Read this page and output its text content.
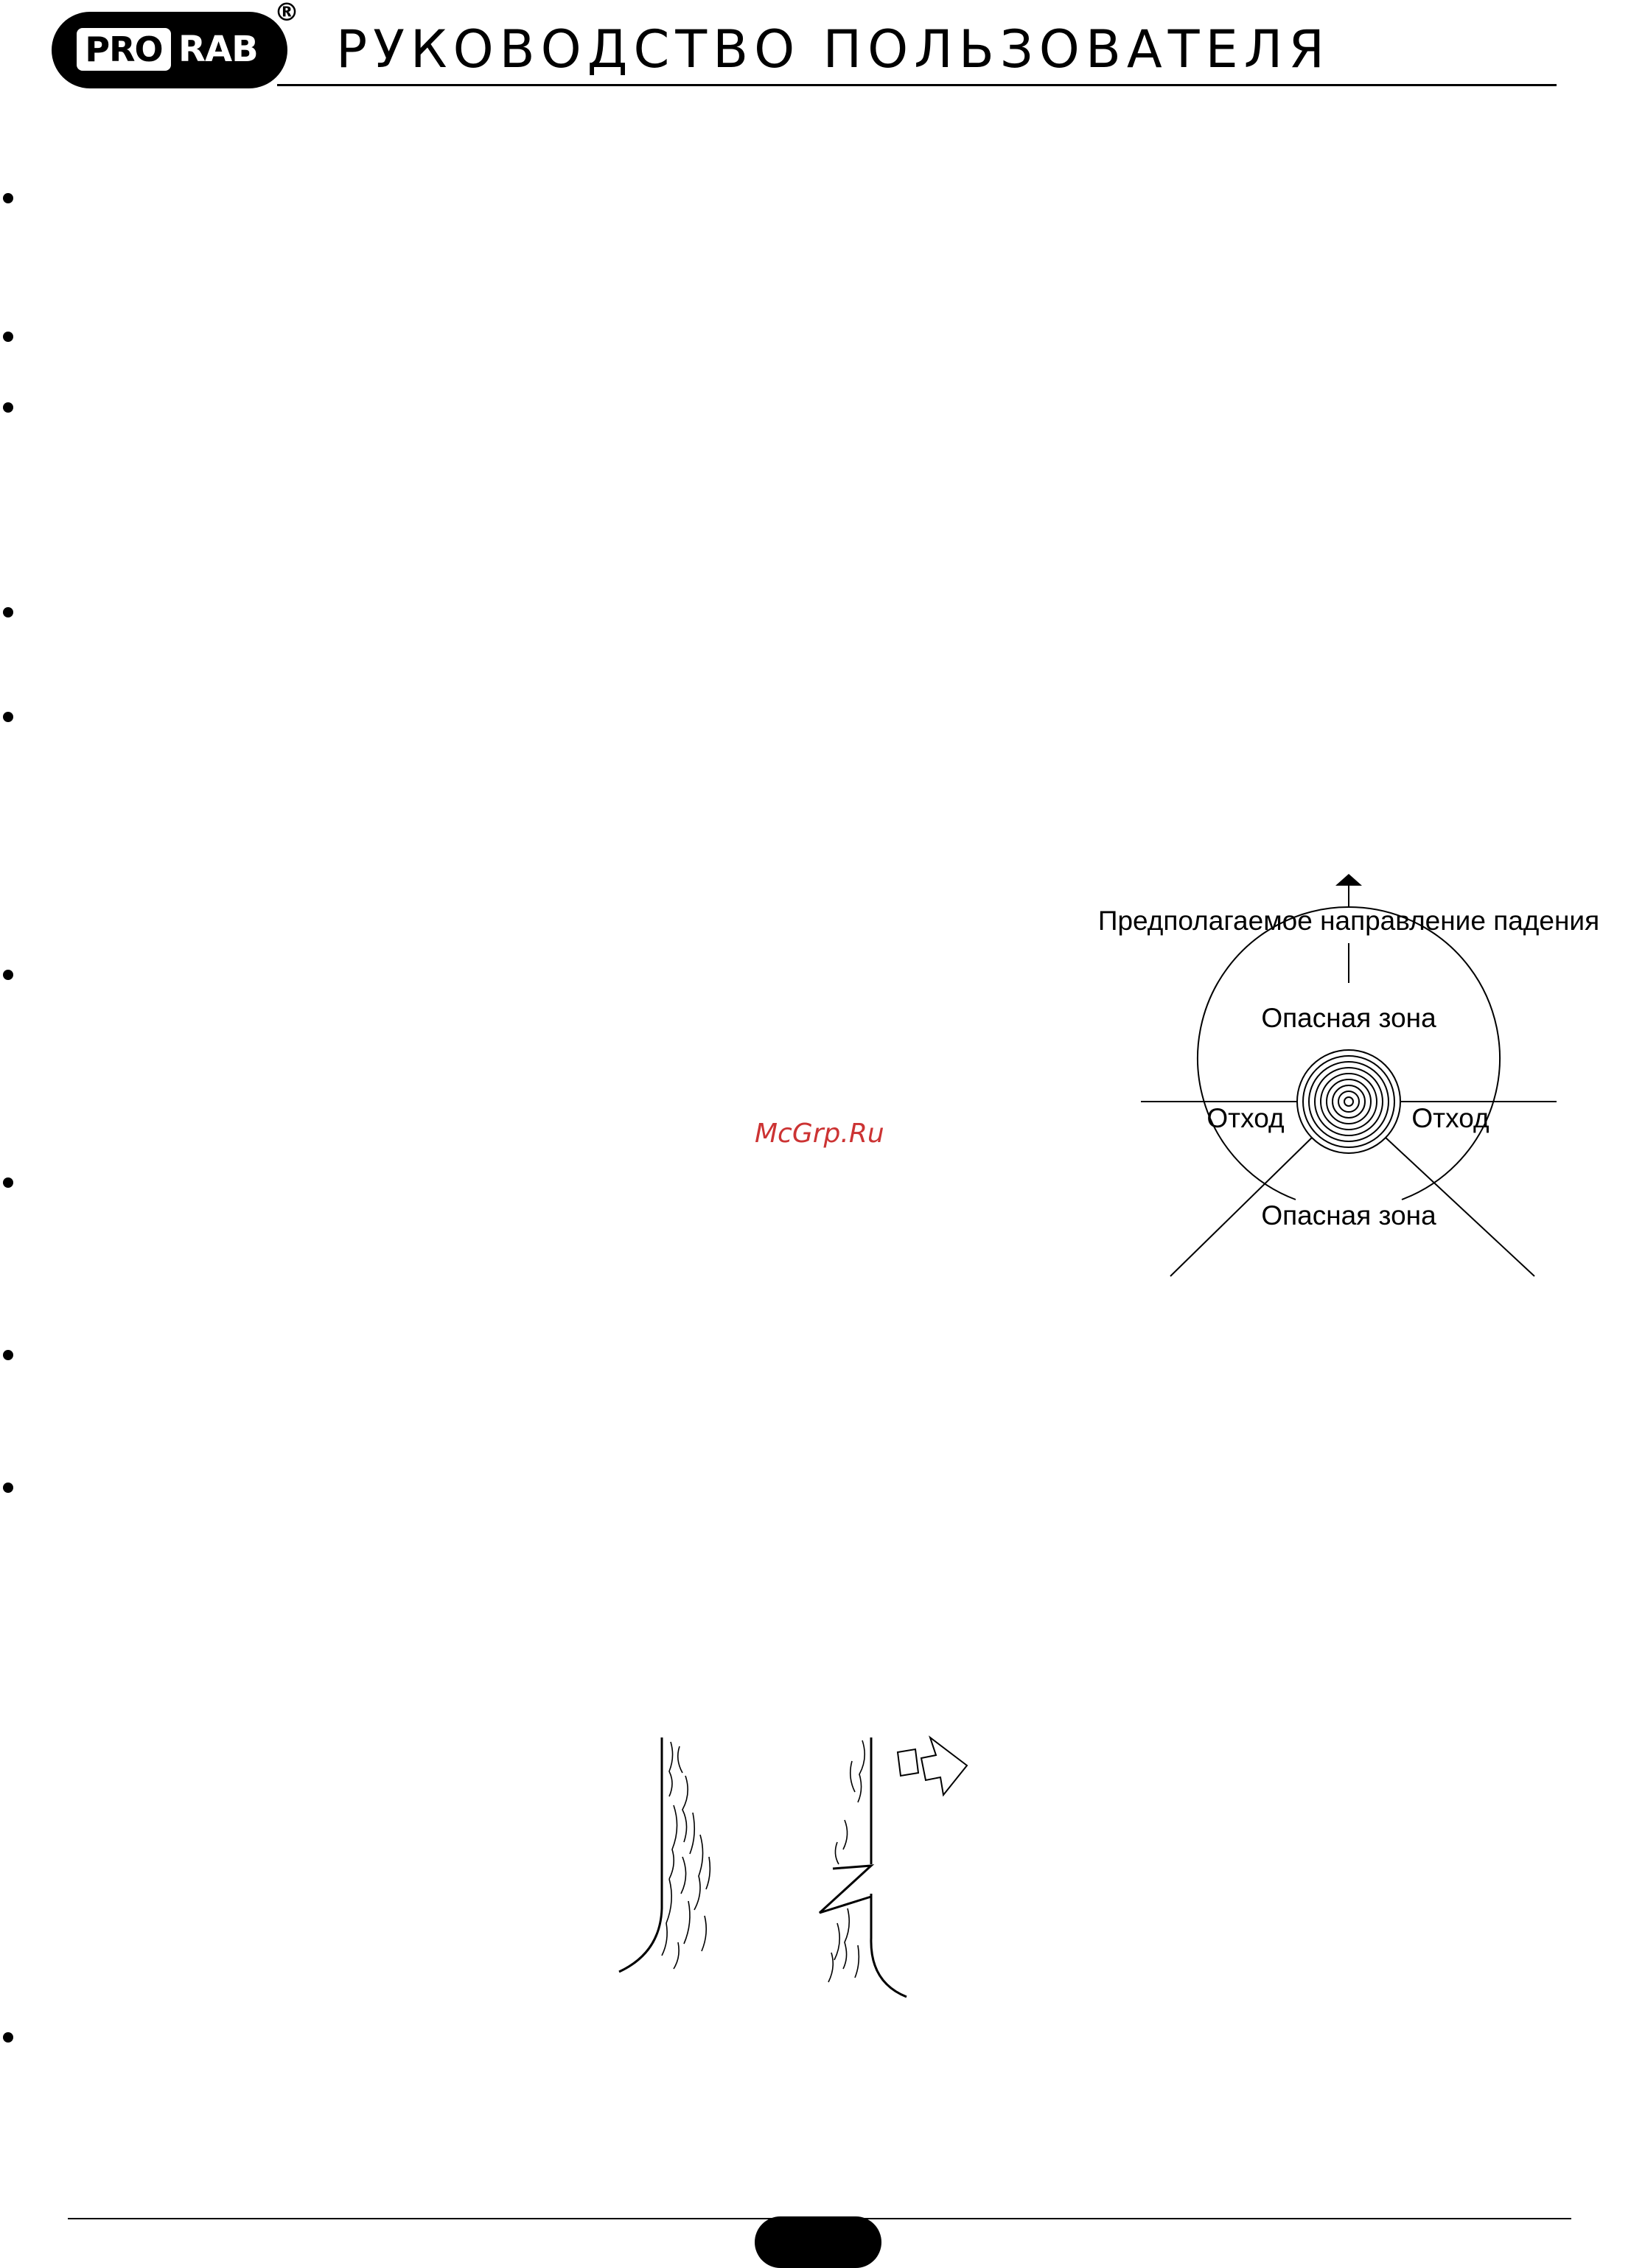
PRO RAB
®
РУКОВОДСТВО ПОЛЬЗОВАТЕЛЯ
McGrp.Ru
Предполагаемое направление падения
Опасная зона
Отход	Отход
Опасная зона
